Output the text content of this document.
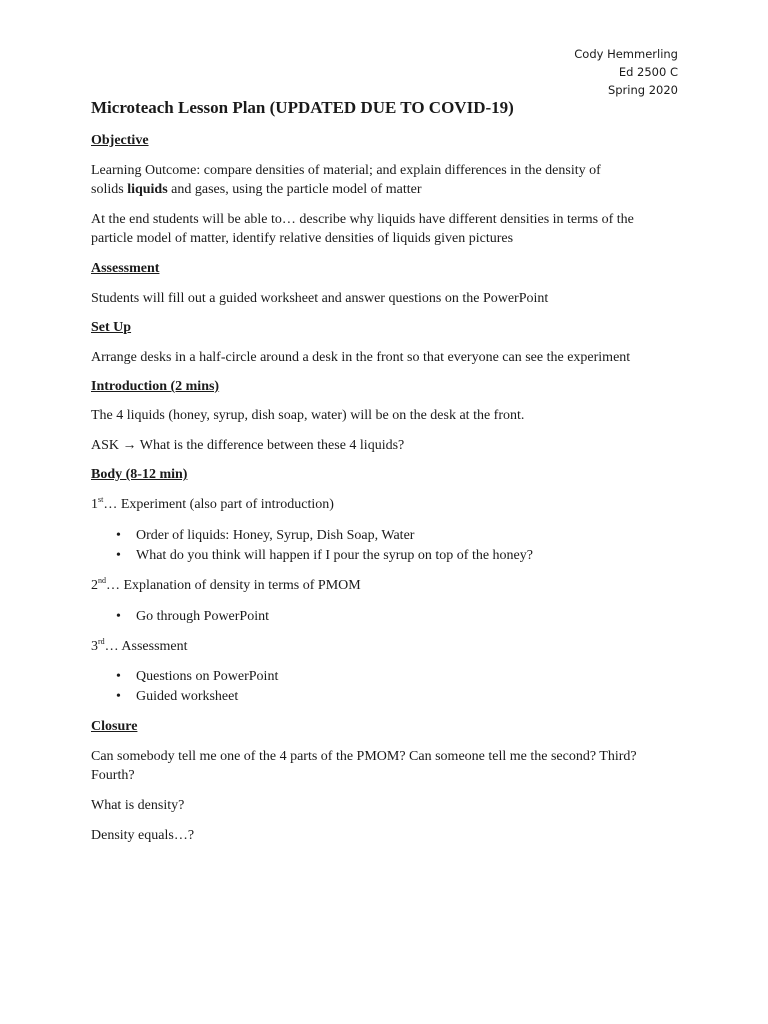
Cody Hemmerling
Ed 2500 C
Spring 2020
Microteach Lesson Plan (UPDATED DUE TO COVID-19)
Objective
Learning Outcome: compare densities of material; and explain differences in the density of
solids liquids and gases, using the particle model of matter
At the end students will be able to… describe why liquids have different densities in terms of the
particle model of matter, identify relative densities of liquids given pictures
Assessment
Students will fill out a guided worksheet and answer questions on the PowerPoint
Set Up
Arrange desks in a half-circle around a desk in the front so that everyone can see the experiment
Introduction (2 mins)
The 4 liquids (honey, syrup, dish soap, water) will be on the desk at the front.
ASK → What is the difference between these 4 liquids?
Body (8-12 min)
1st… Experiment (also part of introduction)
• Order of liquids: Honey, Syrup, Dish Soap, Water
• What do you think will happen if I pour the syrup on top of the honey?
2nd… Explanation of density in terms of PMOM
• Go through PowerPoint
3rd… Assessment
• Questions on PowerPoint
• Guided worksheet
Closure
Can somebody tell me one of the 4 parts of the PMOM? Can someone tell me the second? Third?
Fourth?
What is density?
Density equals…?
